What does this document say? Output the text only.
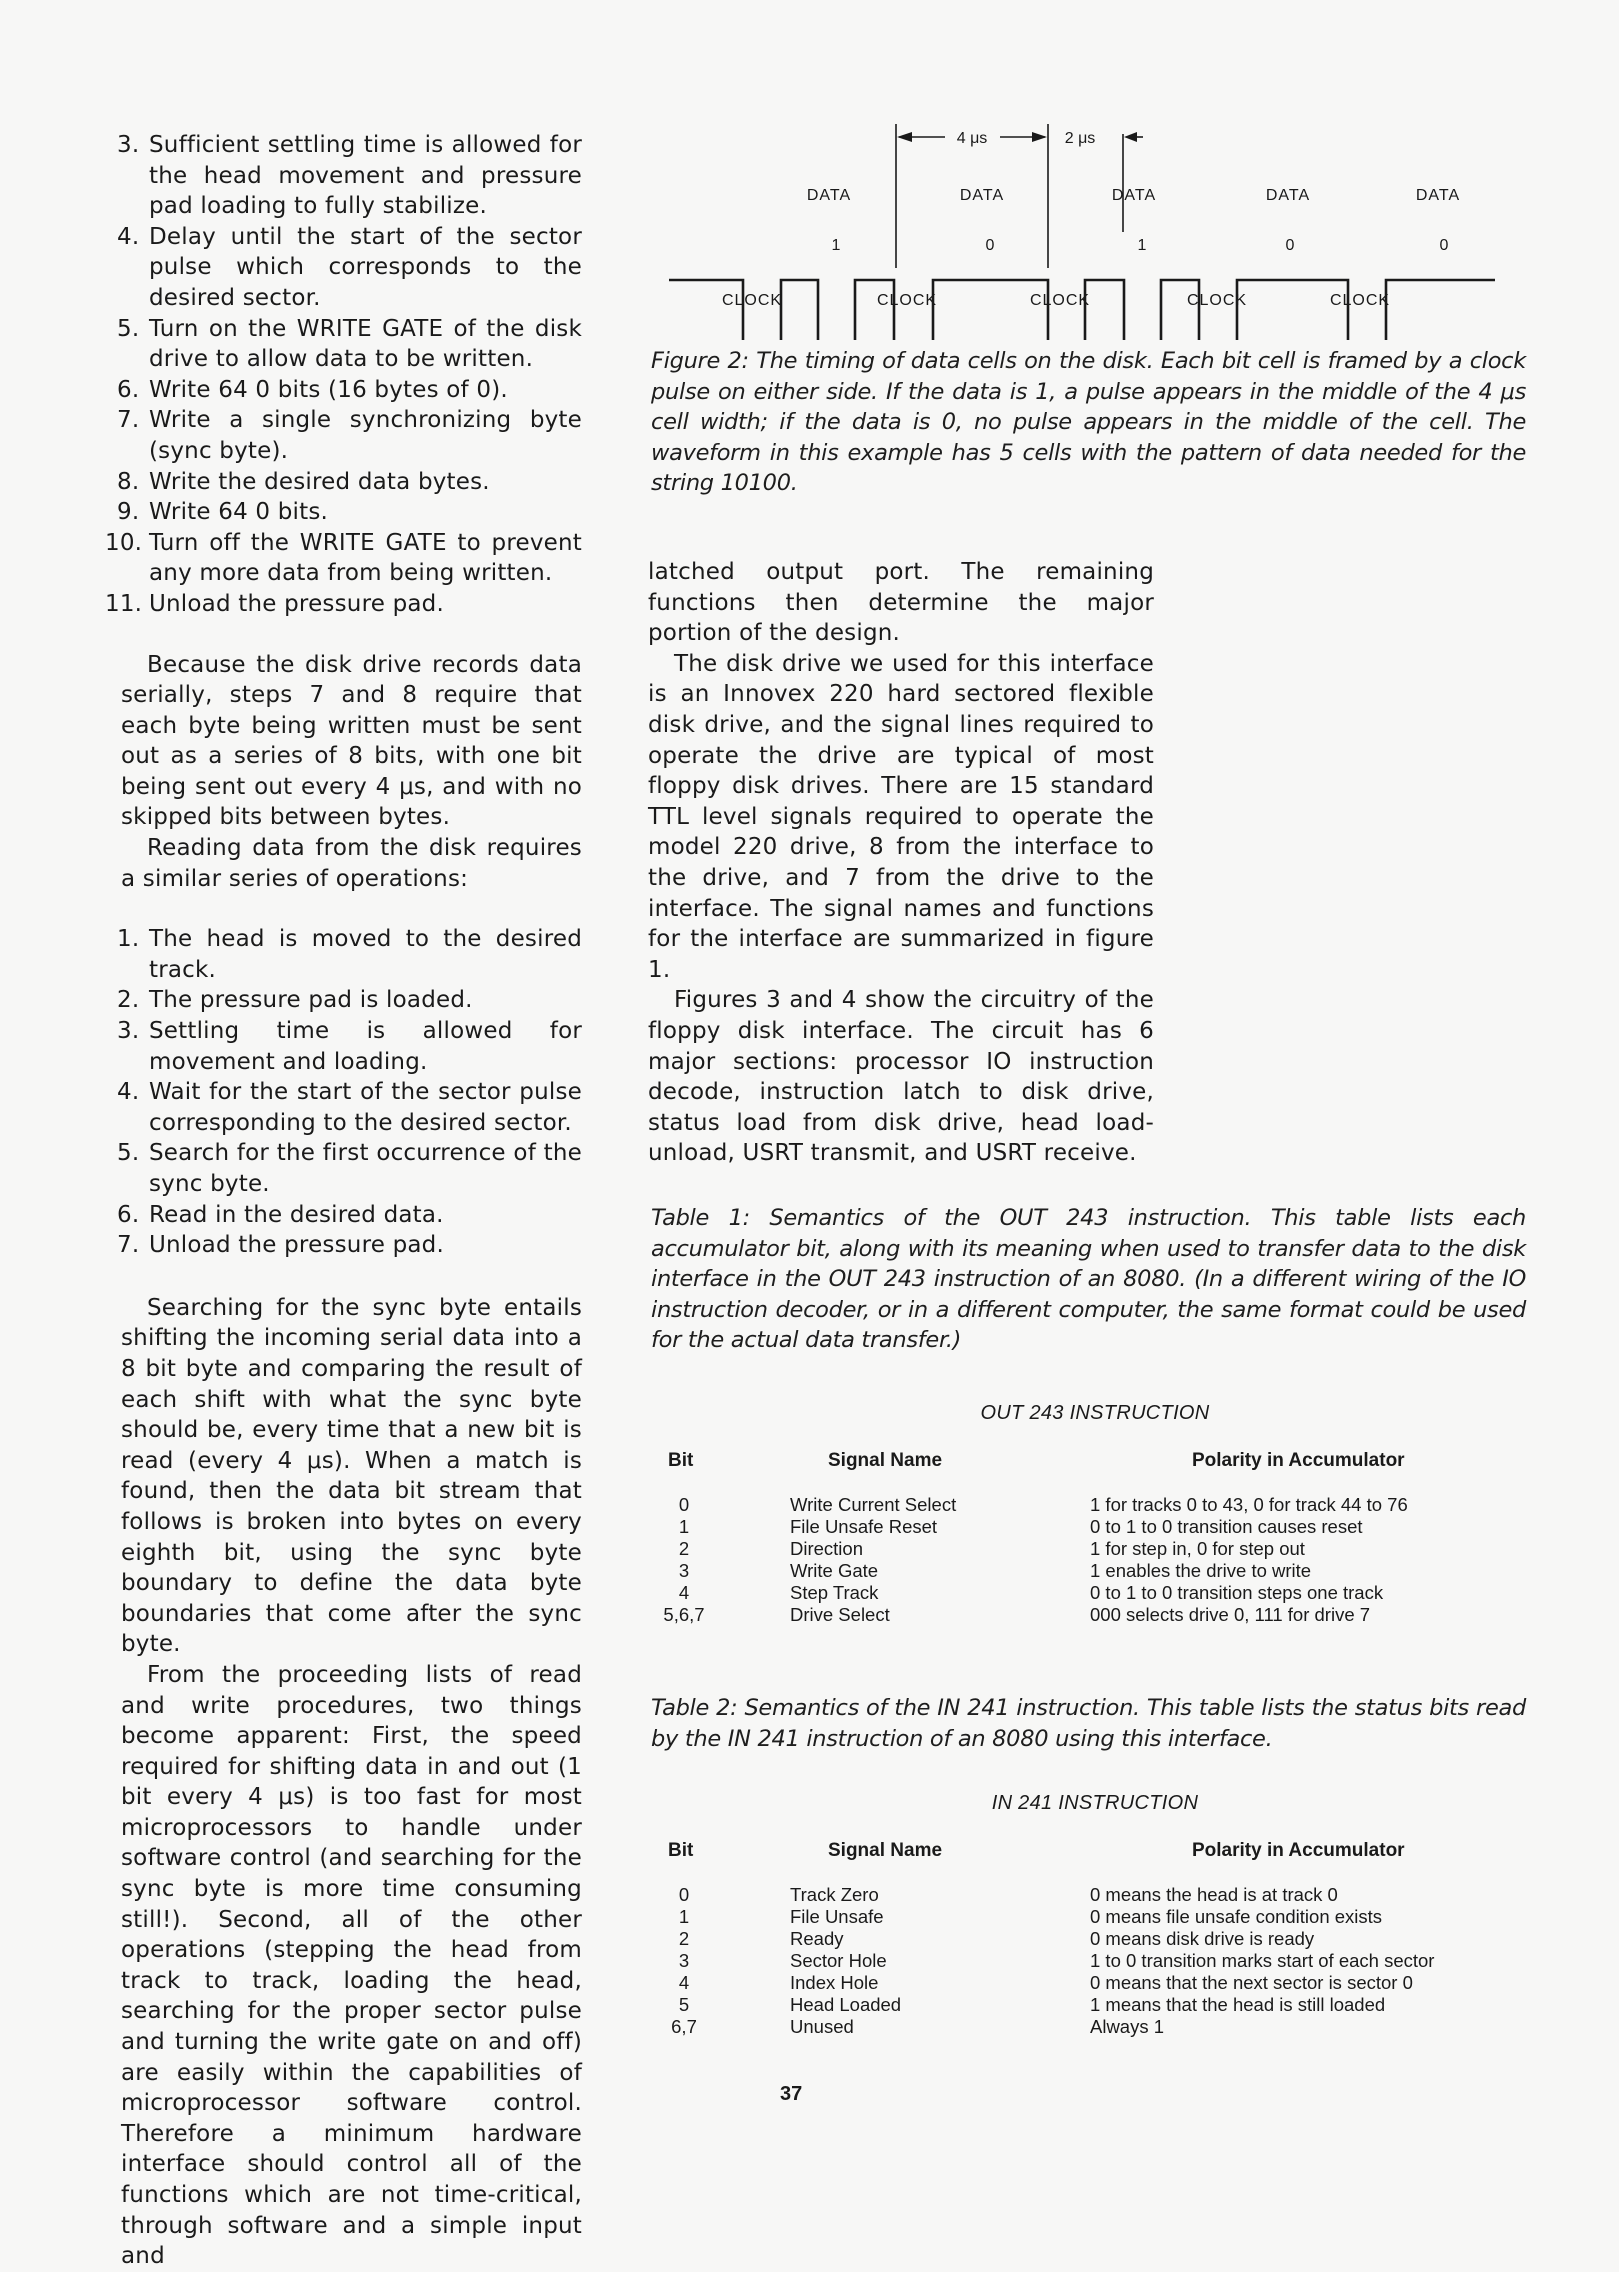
4 μs	2 μs
DATA	DATA	DATA	DATA	DATA
1	0	1	0	0
CLOCK	CLOCK	CLOCK	CLOCK	CLOCK
Figure 2: The timing of data cells on the disk. Each bit cell is framed by a clock pulse on either side. If the data is 1, a pulse appears in the middle of the 4 μs cell width; if the data is 0, no pulse appears in the middle of the cell. The waveform in this example has 5 cells with the pattern of data needed for the string 10100.
3. Sufficient settling time is allowed for the head movement and pressure pad loading to fully stabilize.
4. Delay until the start of the sector pulse which corresponds to the desired sector.
5. Turn on the WRITE GATE of the disk drive to allow data to be written.
6. Write 64 0 bits (16 bytes of 0).
7. Write a single synchronizing byte (sync byte).
8. Write the desired data bytes.
9. Write 64 0 bits.
10. Turn off the WRITE GATE to prevent any more data from being written.
11. Unload the pressure pad.

Because the disk drive records data serially, steps 7 and 8 require that each byte being written must be sent out as a series of 8 bits, with one bit being sent out every 4 μs, and with no skipped bits between bytes.

Reading data from the disk requires a similar series of operations:

1. The head is moved to the desired track.
2. The pressure pad is loaded.
3. Settling time is allowed for movement and loading.
4. Wait for the start of the sector pulse corresponding to the desired sector.
5. Search for the first occurrence of the sync byte.
6. Read in the desired data.
7. Unload the pressure pad.

Searching for the sync byte entails shifting the incoming serial data into a 8 bit byte and comparing the result of each shift with what the sync byte should be, every time that a new bit is read (every 4 μs). When a match is found, then the data bit stream that follows is broken into bytes on every eighth bit, using the sync byte boundary to define the data byte boundaries that come after the sync byte.

From the proceeding lists of read and write procedures, two things become apparent: First, the speed required for shifting data in and out (1 bit every 4 μs) is too fast for most microprocessors to handle under software control (and searching for the sync byte is more time consuming still!). Second, all of the other operations (stepping the head from track to track, loading the head, searching for the proper sector pulse and turning the write gate on and off) are easily within the capabilities of microprocessor software control. Therefore a minimum hardware interface should control all of the functions which are not time-critical, through software and a simple input and

latched output port. The remaining functions then determine the major portion of the design.

The disk drive we used for this interface is an Innovex 220 hard sectored flexible disk drive, and the signal lines required to operate the drive are typical of most floppy disk drives. There are 15 standard TTL level signals required to operate the model 220 drive, 8 from the interface to the drive, and 7 from the drive to the interface. The signal names and functions for the interface are summarized in figure 1.

Figures 3 and 4 show the circuitry of the floppy disk interface. The circuit has 6 major sections: processor IO instruction decode, instruction latch to disk drive, status load from disk drive, head load-unload, USRT transmit, and USRT receive.

Table 1: Semantics of the OUT 243 instruction. This table lists each accumulator bit, along with its meaning when used to transfer data to the disk interface in the OUT 243 instruction of an 8080. (In a different wiring of the IO instruction decoder, or in a different computer, the same format could be used for the actual data transfer.)
OUT 243 INSTRUCTION
Bit	Signal Name	Polarity in Accumulator
0	Write Current Select	1 for tracks 0 to 43, 0 for track 44 to 76
1	File Unsafe Reset	0 to 1 to 0 transition causes reset
2	Direction	1 for step in, 0 for step out
3	Write Gate	1 enables the drive to write
4	Step Track	0 to 1 to 0 transition steps one track
5,6,7	Drive Select	000 selects drive 0, 111 for drive 7
Table 2: Semantics of the IN 241 instruction. This table lists the status bits read by the IN 241 instruction of an 8080 using this interface.
IN 241 INSTRUCTION
Bit	Signal Name	Polarity in Accumulator
0	Track Zero	0 means the head is at track 0
1	File Unsafe	0 means file unsafe condition exists
2	Ready	0 means disk drive is ready
3	Sector Hole	1 to 0 transition marks start of each sector
4	Index Hole	0 means that the next sector is sector 0
5	Head Loaded	1 means that the head is still loaded
6,7	Unused	Always 1
37
